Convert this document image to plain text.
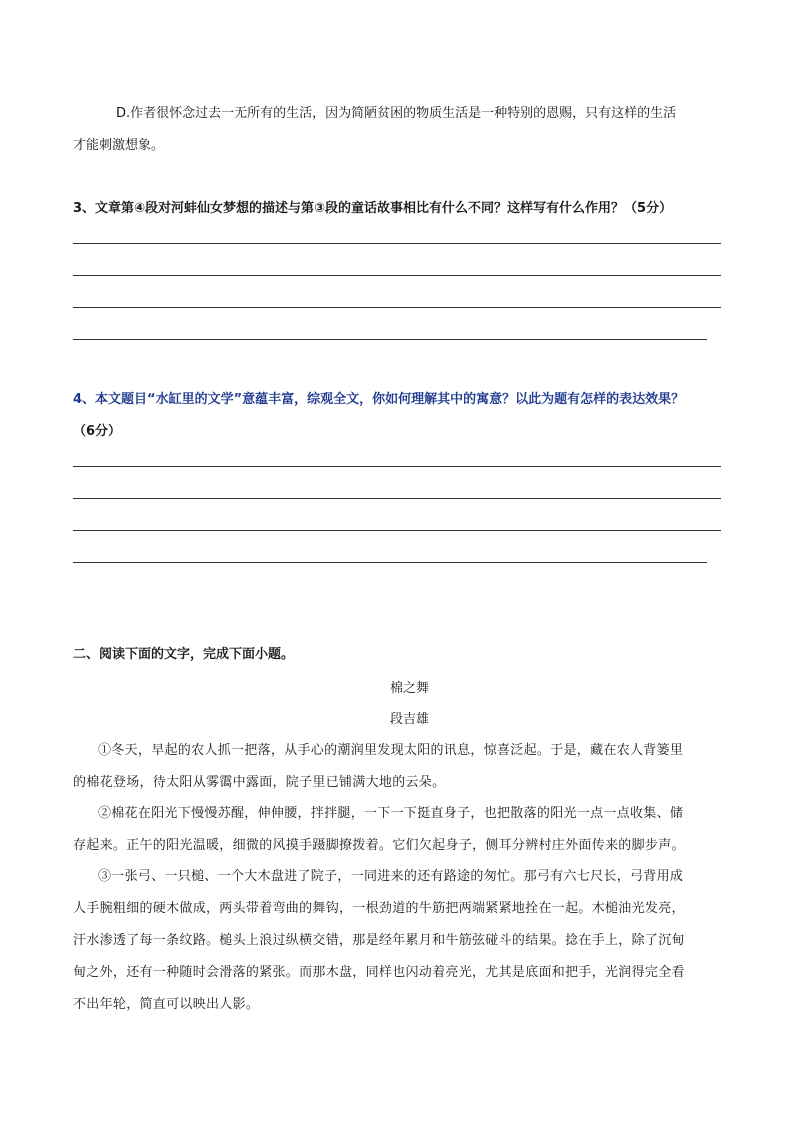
D.作者很怀念过去一无所有的生活，因为简陋贫困的物质生活是一种特别的恩赐，只有这样的生活
才能刺激想象。
3、文章第④段对河蚌仙女梦想的描述与第③段的童话故事相比有什么不同？这样写有什么作用？（5分）
4、本文题目“水缸里的文学”意蕴丰富，综观全文，你如何理解其中的寓意？以此为题有怎样的表达效果？
（6分）
二、阅读下面的文字，完成下面小题。
棉之舞
段吉雄
①冬天，早起的农人抓一把落，从手心的潮润里发现太阳的讯息，惊喜泛起。于是，藏在农人背篓里
的棉花登场，待太阳从雾霭中露面，院子里已铺满大地的云朵。
②棉花在阳光下慢慢苏醒，伸伸腰，拌拌腿，一下一下挺直身子，也把散落的阳光一点一点收集、储
存起来。正午的阳光温暖，细微的风摸手蹑脚撩拨着。它们欠起身子，侧耳分辨村庄外面传来的脚步声。
③一张弓、一只槌、一个大木盘进了院子，一同进来的还有路途的匆忙。那弓有六七尺长，弓背用成
人手腕粗细的硬木做成，两头带着弯曲的舞钩，一根劲道的牛筋把两端紧紧地拴在一起。木槌油光发亮，
汗水渗透了每一条纹路。槌头上浪过纵横交错，那是经年累月和牛筋弦碰斗的结果。捻在手上，除了沉甸
甸之外，还有一种随时会滑落的紧张。而那木盘，同样也闪动着亮光，尤其是底面和把手，光润得完全看
不出年轮，简直可以映出人影。
